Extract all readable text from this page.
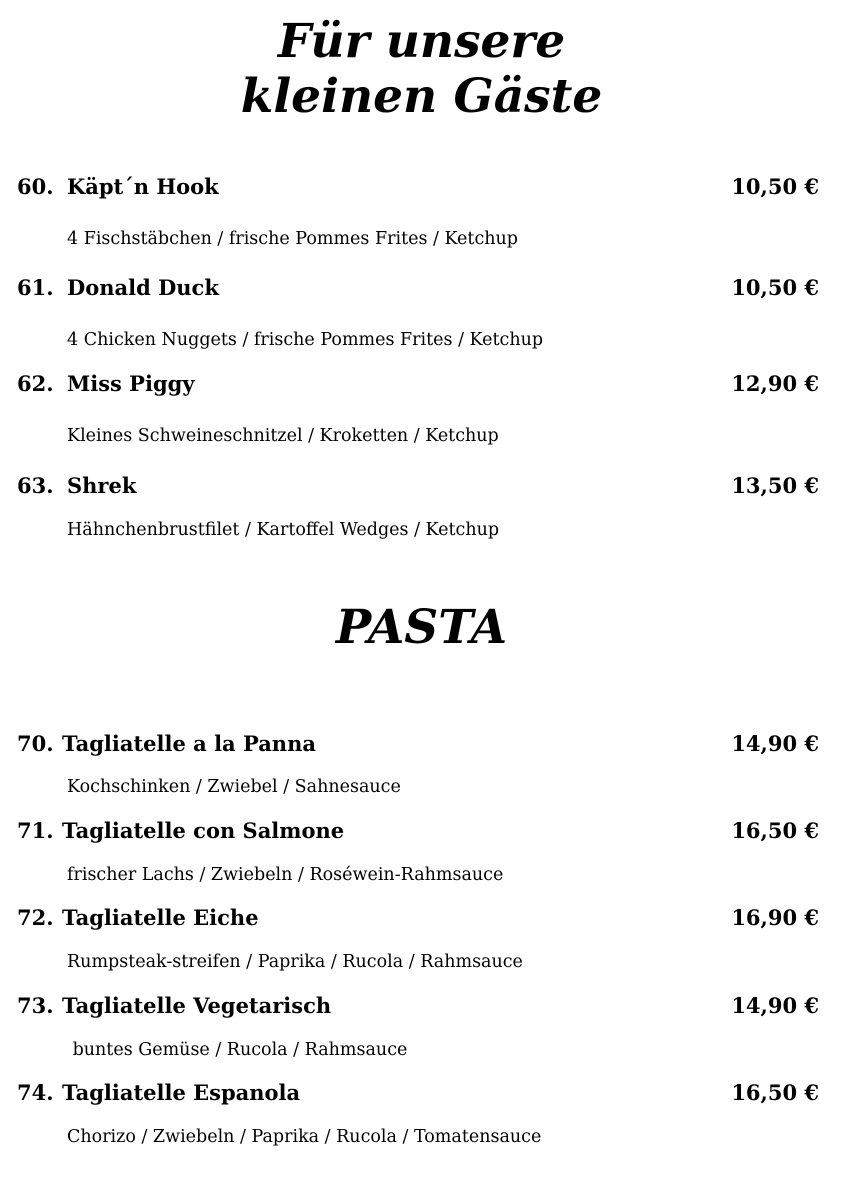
Für unsere
kleinen Gäste
60. Käpt´n Hook	10,50 €
4 Fischstäbchen / frische Pommes Frites / Ketchup
61. Donald Duck	10,50 €
4 Chicken Nuggets / frische Pommes Frites / Ketchup
62. Miss Piggy	12,90 €
Kleines Schweineschnitzel / Kroketten / Ketchup
63. Shrek	13,50 €
Hähnchenbrustfilet / Kartoffel Wedges / Ketchup
PASTA
70. Tagliatelle a la Panna	14,90 €
Kochschinken / Zwiebel / Sahnesauce
71. Tagliatelle con Salmone	16,50 €
frischer Lachs / Zwiebeln / Roséwein-Rahmsauce
72. Tagliatelle Eiche	16,90 €
Rumpsteak-streifen / Paprika / Rucola / Rahmsauce
73. Tagliatelle Vegetarisch	14,90 €
buntes Gemüse / Rucola / Rahmsauce
74. Tagliatelle Espanola	16,50 €
Chorizo / Zwiebeln / Paprika / Rucola / Tomatensauce
